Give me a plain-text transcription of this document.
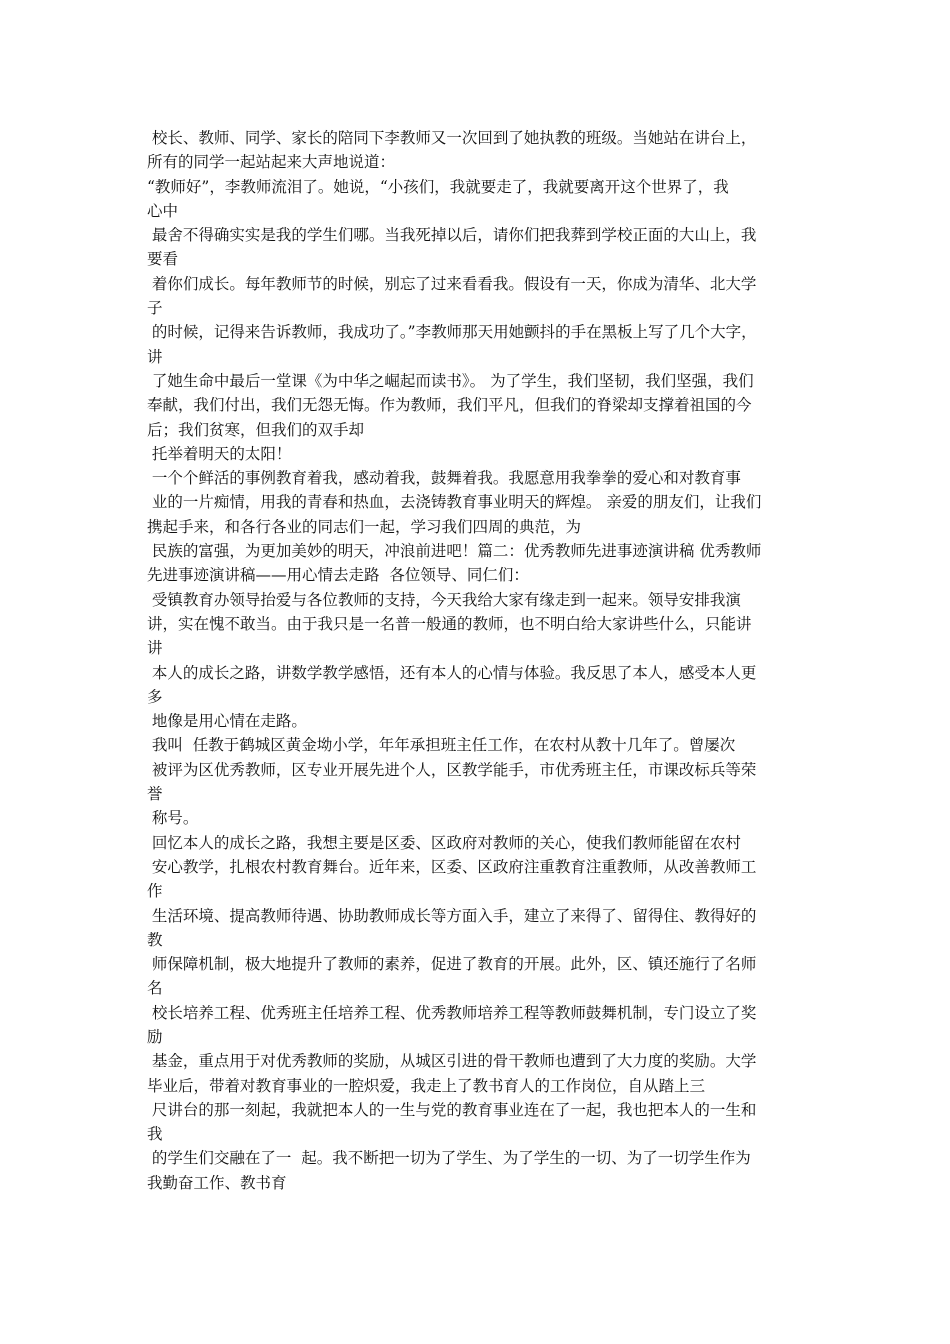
校长、教师、同学、家长的陪同下李教师又一次回到了她执教的班级。当她站在讲台上，
所有的同学一起站起来大声地说道：
“教师好”，李教师流泪了。她说，“小孩们，我就要走了，我就要离开这个世界了，我
心中
最舍不得确实实是我的学生们哪。当我死掉以后，请你们把我葬到学校正面的大山上，我
要看
着你们成长。每年教师节的时候，别忘了过来看看我。假设有一天，你成为清华、北大学
子
的时候，记得来告诉教师，我成功了。”李教师那天用她颤抖的手在黑板上写了几个大字，
讲
了她生命中最后一堂课《为中华之崛起而读书》。 为了学生，我们坚韧，我们坚强，我们
奉献，我们付出，我们无怨无悔。作为教师，我们平凡，但我们的脊梁却支撑着祖国的今
后；我们贫寒，但我们的双手却
托举着明天的太阳！
一个个鲜活的事例教育着我，感动着我，鼓舞着我。我愿意用我拳拳的爱心和对教育事
业的一片痴情，用我的青春和热血，去浇铸教育事业明天的辉煌。 亲爱的朋友们，让我们
携起手来，和各行各业的同志们一起，学习我们四周的典范，为
民族的富强，为更加美妙的明天，冲浪前进吧！篇二：优秀教师先进事迹演讲稿 优秀教师
先进事迹演讲稿——用心情去走路  各位领导、同仁们：
受镇教育办领导抬爱与各位教师的支持，今天我给大家有缘走到一起来。领导安排我演
讲，实在愧不敢当。由于我只是一名普一般通的教师，也不明白给大家讲些什么，只能讲
讲
本人的成长之路，讲数学教学感悟，还有本人的心情与体验。我反思了本人，感受本人更
多
地像是用心情在走路。
我叫  任教于鹤城区黄金坳小学，年年承担班主任工作，在农村从教十几年了。曾屡次
被评为区优秀教师，区专业开展先进个人，区教学能手，市优秀班主任，市课改标兵等荣
誉
称号。
回忆本人的成长之路，我想主要是区委、区政府对教师的关心，使我们教师能留在农村
安心教学，扎根农村教育舞台。近年来，区委、区政府注重教育注重教师，从改善教师工
作
生活环境、提高教师待遇、协助教师成长等方面入手，建立了来得了、留得住、教得好的
教
师保障机制，极大地提升了教师的素养，促进了教育的开展。此外，区、镇还施行了名师
名
校长培养工程、优秀班主任培养工程、优秀教师培养工程等教师鼓舞机制，专门设立了奖
励
基金，重点用于对优秀教师的奖励，从城区引进的骨干教师也遭到了大力度的奖励。大学
毕业后，带着对教育事业的一腔炽爱，我走上了教书育人的工作岗位，自从踏上三
尺讲台的那一刻起，我就把本人的一生与党的教育事业连在了一起，我也把本人的一生和
我
的学生们交融在了一  起。我不断把一切为了学生、为了学生的一切、为了一切学生作为
我勤奋工作、教书育
